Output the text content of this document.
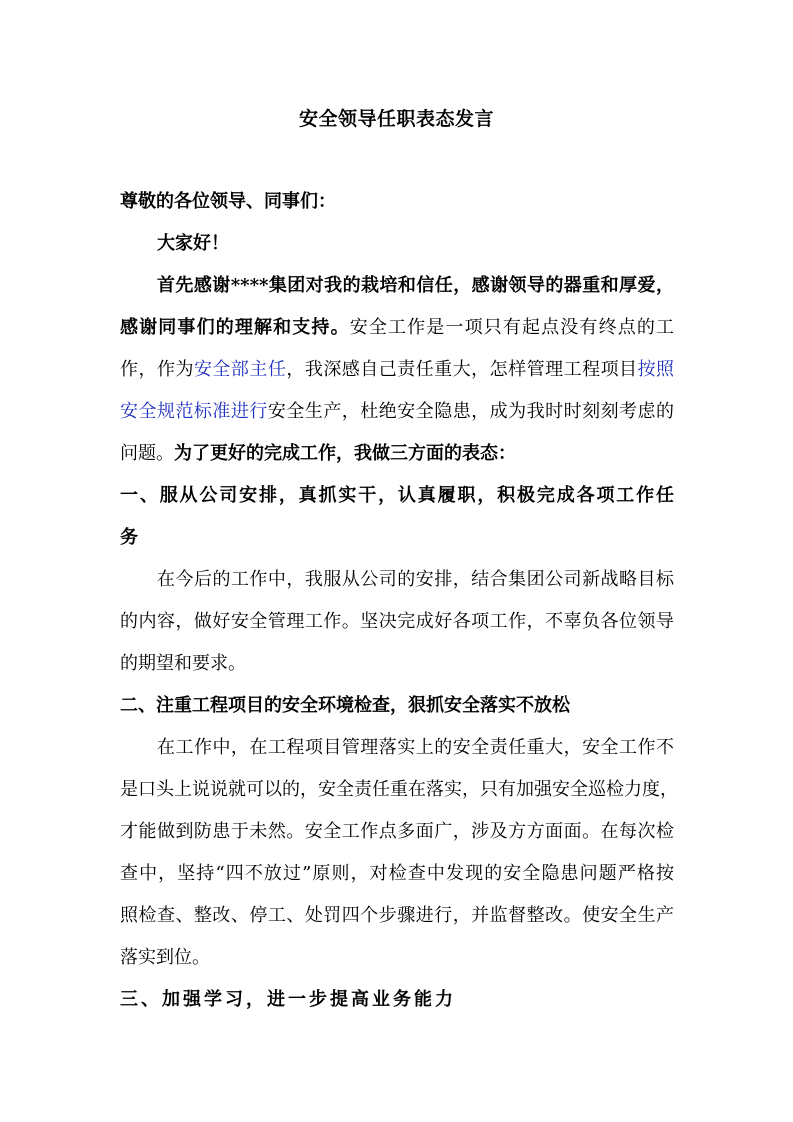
安全领导任职表态发言
尊敬的各位领导、同事们：
大家好！
首先感谢****集团对我的栽培和信任，感谢领导的器重和厚爱，
感谢同事们的理解和支持。安全工作是一项只有起点没有终点的工
作，作为安全部主任，我深感自己责任重大，怎样管理工程项目按照
安全规范标准进行安全生产，杜绝安全隐患，成为我时时刻刻考虑的
问题。为了更好的完成工作，我做三方面的表态：
一、服从公司安排，真抓实干，认真履职，积极完成各项工作任
务
在今后的工作中，我服从公司的安排，结合集团公司新战略目标
的内容，做好安全管理工作。坚决完成好各项工作，不辜负各位领导
的期望和要求。
二、注重工程项目的安全环境检查，狠抓安全落实不放松
在工作中，在工程项目管理落实上的安全责任重大，安全工作不
是口头上说说就可以的，安全责任重在落实，只有加强安全巡检力度，
才能做到防患于未然。安全工作点多面广，涉及方方面面。在每次检
查中，坚持“四不放过”原则，对检查中发现的安全隐患问题严格按
照检查、整改、停工、处罚四个步骤进行，并监督整改。使安全生产
落实到位。
三、加强学习，进一步提高业务能力
